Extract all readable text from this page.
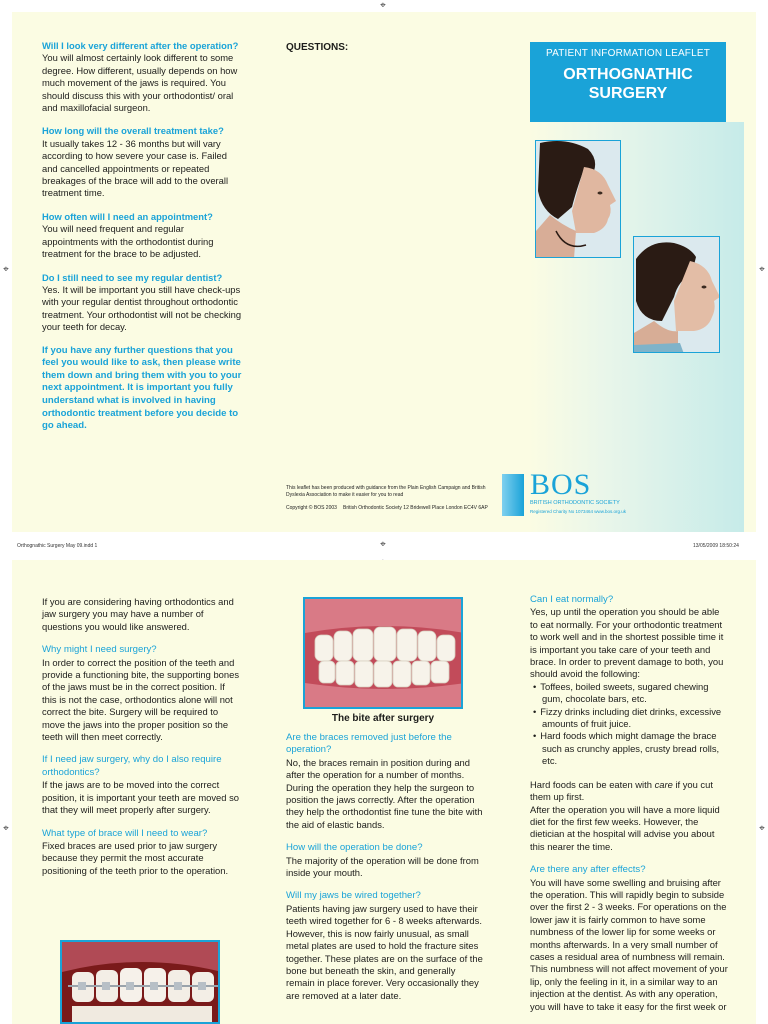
⌖
⌖	⌖
⌖
⌖	⌖
Will I look very different after the operation?
You will almost certainly look different to some degree. How different, usually depends on how much movement of the jaws is required. You should discuss this with your orthodontist/ oral and maxillofacial surgeon.
How long will the overall treatment take?
It usually takes 12 - 36 months but will vary according to how severe your case is. Failed and cancelled appointments or repeated breakages of the brace will add to the overall treatment time.
How often will I need an appointment?
You will need frequent and regular appointments with the orthodontist during treatment for the brace to be adjusted.
Do I still need to see my regular dentist?
Yes. It will be important you still have check-ups with your regular dentist throughout orthodontic treatment. Your orthodontist will not be checking your teeth for decay.
If you have any further questions that you feel you would like to ask, then please write them down and bring them with you to your next appointment. It is important you fully understand what is involved in having orthodontic treatment before you decide to go ahead.
QUESTIONS:
This leaflet has been produced with guidance from the Plain English Campaign and British Dyslexia Association to make it easier for you to read
Copyright © BOS 2003	British Orthodontic Society 12 Bridewell Place London EC4V 6AP
PATIENT INFORMATION LEAFLET
ORTHOGNATHIC SURGERY
BOS
BRITISH ORTHODONTIC SOCIETY
Registered Charity No 1073464 www.bos.org.uk
Orthognathic Surgery May 09.indd 1	13/05/2009 18:50:24
If you are considering having orthodontics and jaw surgery you may have a number of questions you would like answered.
Why might I need surgery?
In order to correct the position of the teeth and provide a functioning bite, the supporting bones of the jaws must be in the correct position. If this is not the case, orthodontics alone will not correct the bite. Surgery will be required to move the jaws into the proper position so the teeth will then meet correctly.
If I need jaw surgery, why do I also require orthodontics?
If the jaws are to be moved into the correct position, it is important your teeth are moved so that they will meet properly after surgery.
What type of brace will I need to wear?
Fixed braces are used prior to jaw surgery because they permit the most accurate positioning of the teeth prior to the operation.
The bite after surgery
Are the braces removed just before the operation?
No, the braces remain in position during and after the operation for a number of months. During the operation they help the surgeon to position the jaws correctly. After the operation they help the orthodontist fine tune the bite with the aid of elastic bands.
How will the operation be done?
The majority of the operation will be done from inside your mouth.
Will my jaws be wired together?
Patients having jaw surgery used to have their teeth wired together for 6 - 8 weeks afterwards. However, this is now fairly unusual, as small metal plates are used to hold the fracture sites together. These plates are on the surface of the bone but beneath the skin, and generally remain in place forever. Very occasionally they are removed at a later date.
Can I eat normally?
Yes, up until the operation you should be able to eat normally. For your orthodontic treatment to work well and in the shortest possible time it is important you take care of your teeth and brace. In order to prevent damage to both, you should avoid the following:
• Toffees, boiled sweets, sugared chewing gum, chocolate bars, etc.
• Fizzy drinks including diet drinks, excessive amounts of fruit juice.
• Hard foods which might damage the brace such as crunchy apples, crusty bread rolls, etc.
Hard foods can be eaten with care if you cut them up first.
After the operation you will have a more liquid diet for the first few weeks. However, the dietician at the hospital will advise you about this nearer the time.
Are there any after effects?
You will have some swelling and bruising after the operation. This will rapidly begin to subside over the first 2 - 3 weeks. For operations on the lower jaw it is fairly common to have some numbness of the lower lip for some weeks or months afterwards. In a very small number of cases a residual area of numbness will remain. This numbness will not affect movement of your lip, only the feeling in it, in a similar way to an injection at the dentist. As with any operation, you will have to take it easy for the first week or
